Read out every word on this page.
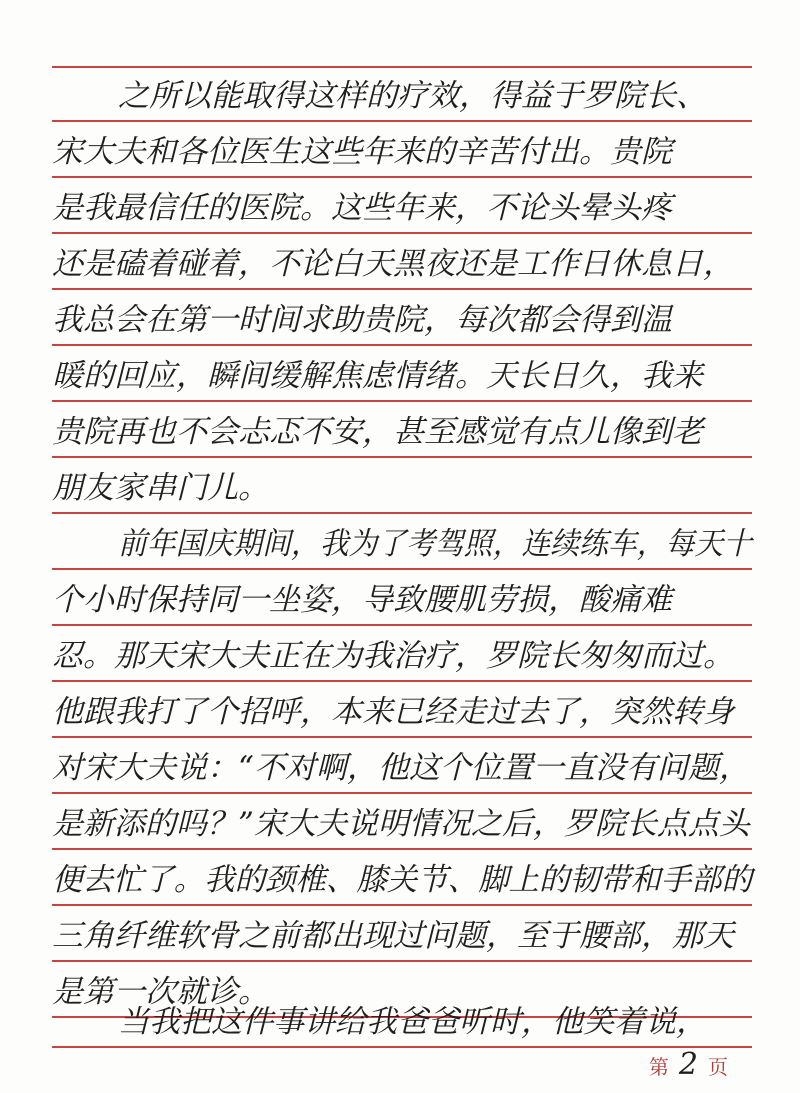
之所以能取得这样的疗效，得益于罗院长、
宋大夫和各位医生这些年来的辛苦付出。贵院
是我最信任的医院。这些年来，不论头晕头疼
还是磕着碰着，不论白天黑夜还是工作日休息日，
我总会在第一时间求助贵院，每次都会得到温
暖的回应，瞬间缓解焦虑情绪。天长日久，我来
贵院再也不会忐忑不安，甚至感觉有点儿像到老
朋友家串门儿。
前年国庆期间，我为了考驾照，连续练车，每天十
个小时保持同一坐姿，导致腰肌劳损，酸痛难
忍。那天宋大夫正在为我治疗，罗院长匆匆而过。
他跟我打了个招呼，本来已经走过去了，突然转身
对宋大夫说：“不对啊，他这个位置一直没有问题，
是新添的吗？”宋大夫说明情况之后，罗院长点点头
便去忙了。我的颈椎、膝关节、脚上的韧带和手部的
三角纤维软骨之前都出现过问题，至于腰部，那天
是第一次就诊。
当我把这件事讲给我爸爸听时，他笑着说，
第 2 页
